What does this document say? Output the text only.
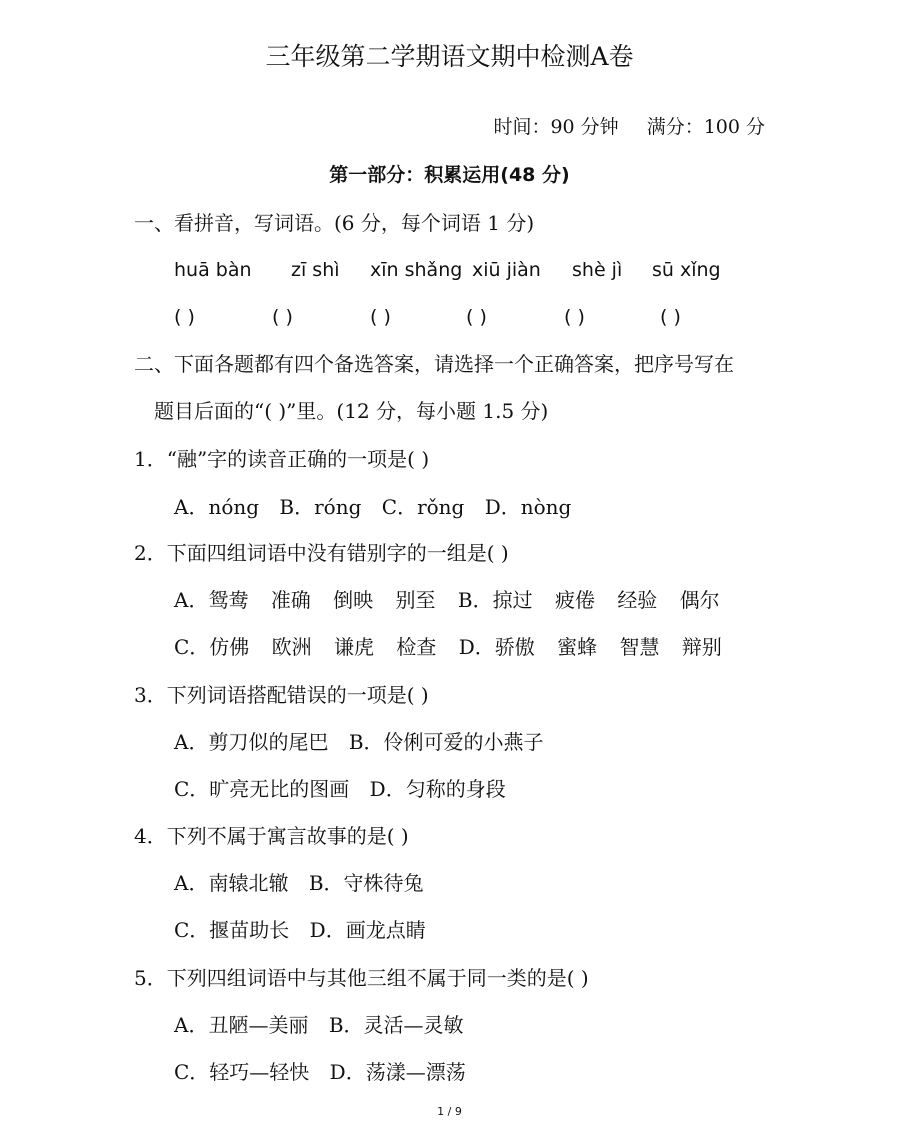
三年级第二学期语文期中检测A卷
时间：90 分钟 满分：100 分
第一部分：积累运用(48 分)
一、看拼音，写词语。(6 分，每个词语 1 分)
huā bàn zī shì xīn shǎng xiū jiàn shè jì sū xǐng
( )	( )	( )	( )	( )	( )
二、下面各题都有四个备选答案，请选择一个正确答案，把序号写在
题目后面的“( )”里。(12 分，每小题 1.5 分)
1．“融”字的读音正确的一项是( )
A．nóng B．róng C．rǒng D．nòng
2．下面四组词语中没有错别字的一组是( )
A．鸳鸯 准确 倒映 别至 B．掠过 疲倦 经验 偶尔
C．仿佛 欧洲 谦虎 检查 D．骄傲 蜜蜂 智慧 辩别
3．下列词语搭配错误的一项是( )
A．剪刀似的尾巴 B．伶俐可爱的小燕子
C．旷亮无比的图画 D．匀称的身段
4．下列不属于寓言故事的是( )
A．南辕北辙 B．守株待兔
C．揠苗助长 D．画龙点睛
5．下列四组词语中与其他三组不属于同一类的是( )
A．丑陋—美丽 B．灵活—灵敏
C．轻巧—轻快 D．荡漾—漂荡
1 / 9
